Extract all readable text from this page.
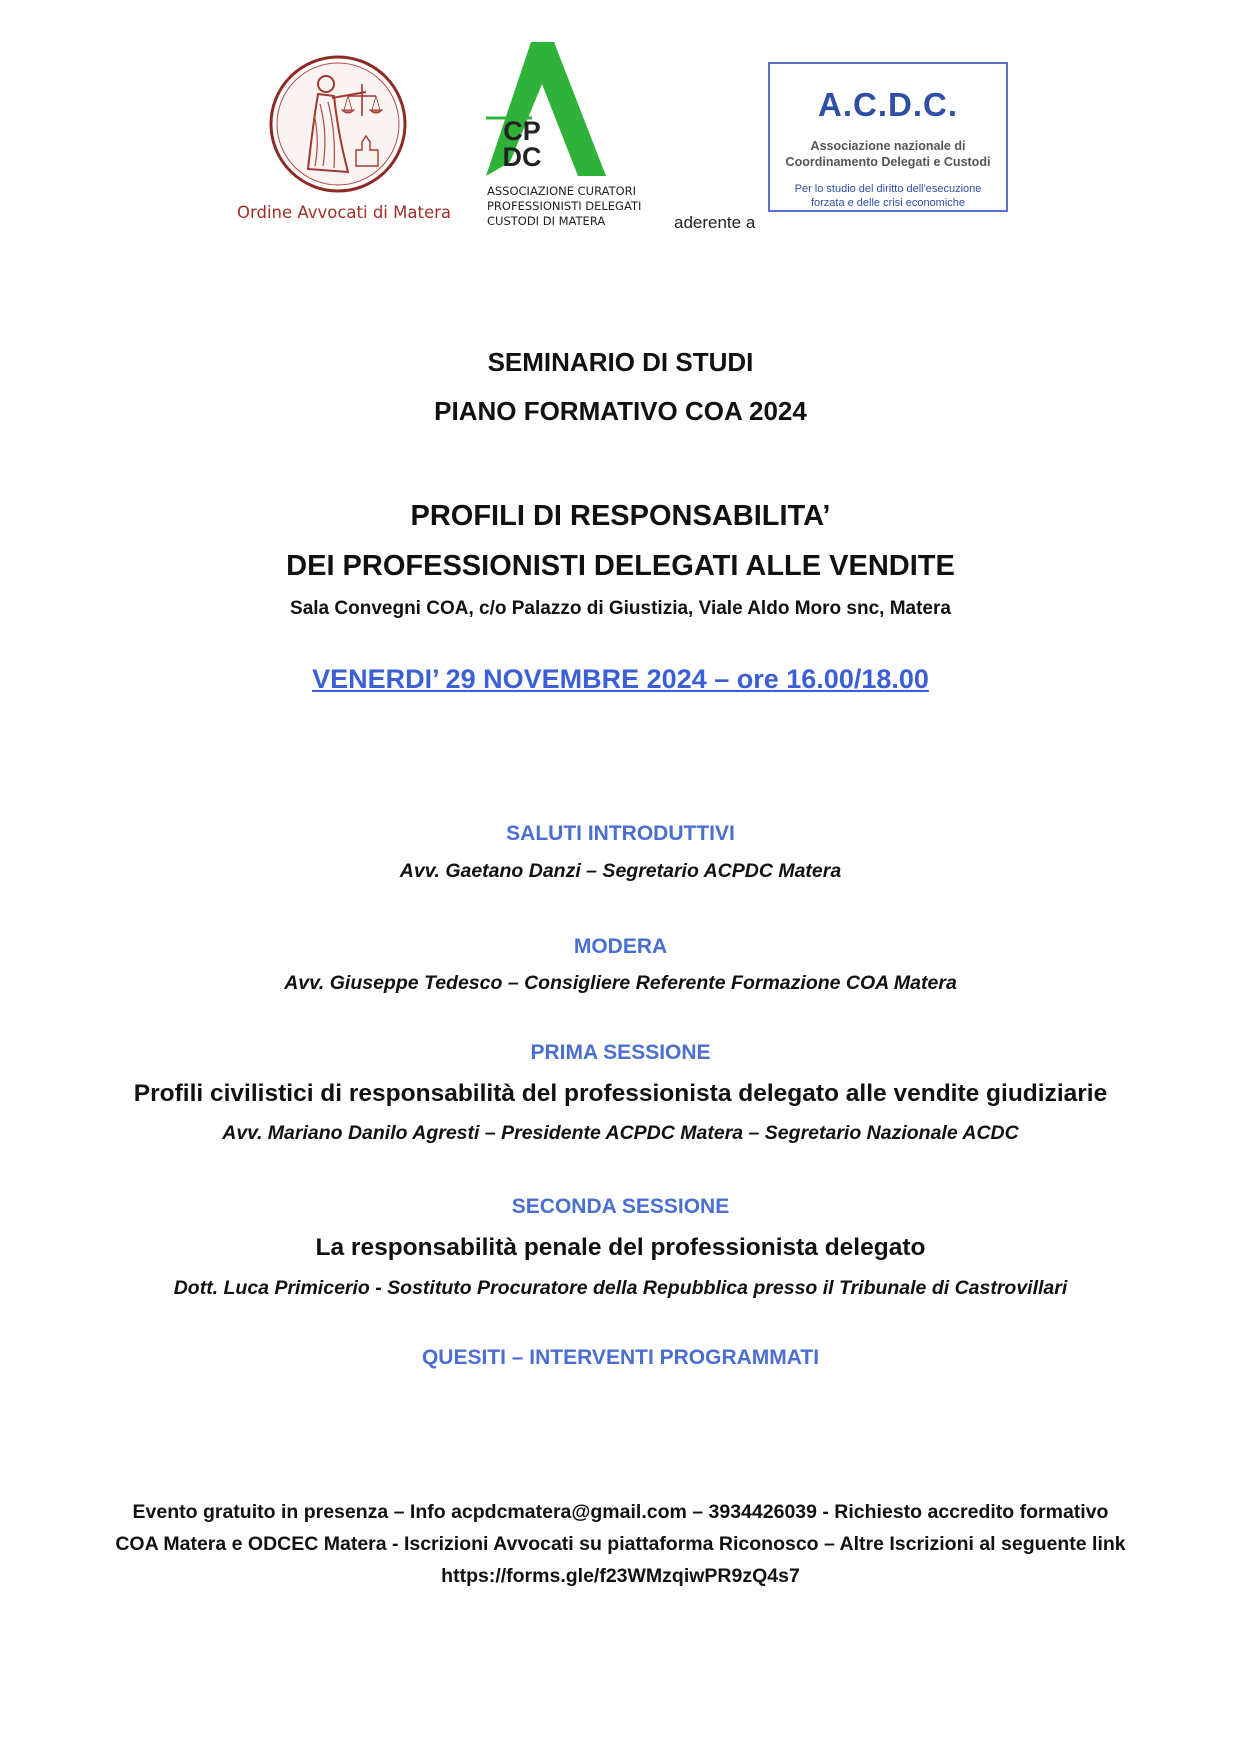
Ordine Avvocati di Matera
CP
DC
ASSOCIAZIONE CURATORI
PROFESSIONISTI DELEGATI
CUSTODI DI MATERA	aderente a
A.C.D.C.
Associazione nazionale di
Coordinamento Delegati e Custodi
Per lo studio del diritto dell'esecuzione
forzata e delle crisi economiche
SEMINARIO DI STUDI
PIANO FORMATIVO COA 2024
PROFILI DI RESPONSABILITA’
DEI PROFESSIONISTI DELEGATI ALLE VENDITE
Sala Convegni COA, c/o Palazzo di Giustizia, Viale Aldo Moro snc, Matera
VENERDI’ 29 NOVEMBRE 2024 – ore 16.00/18.00
SALUTI INTRODUTTIVI
Avv. Gaetano Danzi – Segretario ACPDC Matera
MODERA
Avv. Giuseppe Tedesco – Consigliere Referente Formazione COA Matera
PRIMA SESSIONE
Profili civilistici di responsabilità del professionista delegato alle vendite giudiziarie
Avv. Mariano Danilo Agresti – Presidente ACPDC Matera – Segretario Nazionale ACDC
SECONDA SESSIONE
La responsabilità penale del professionista delegato
Dott. Luca Primicerio - Sostituto Procuratore della Repubblica presso il Tribunale di Castrovillari
QUESITI – INTERVENTI PROGRAMMATI
Evento gratuito in presenza – Info acpdcmatera@gmail.com – 3934426039 - Richiesto accredito formativo
COA Matera e ODCEC Matera - Iscrizioni Avvocati su piattaforma Riconosco – Altre Iscrizioni al seguente link
https://forms.gle/f23WMzqiwPR9zQ4s7
